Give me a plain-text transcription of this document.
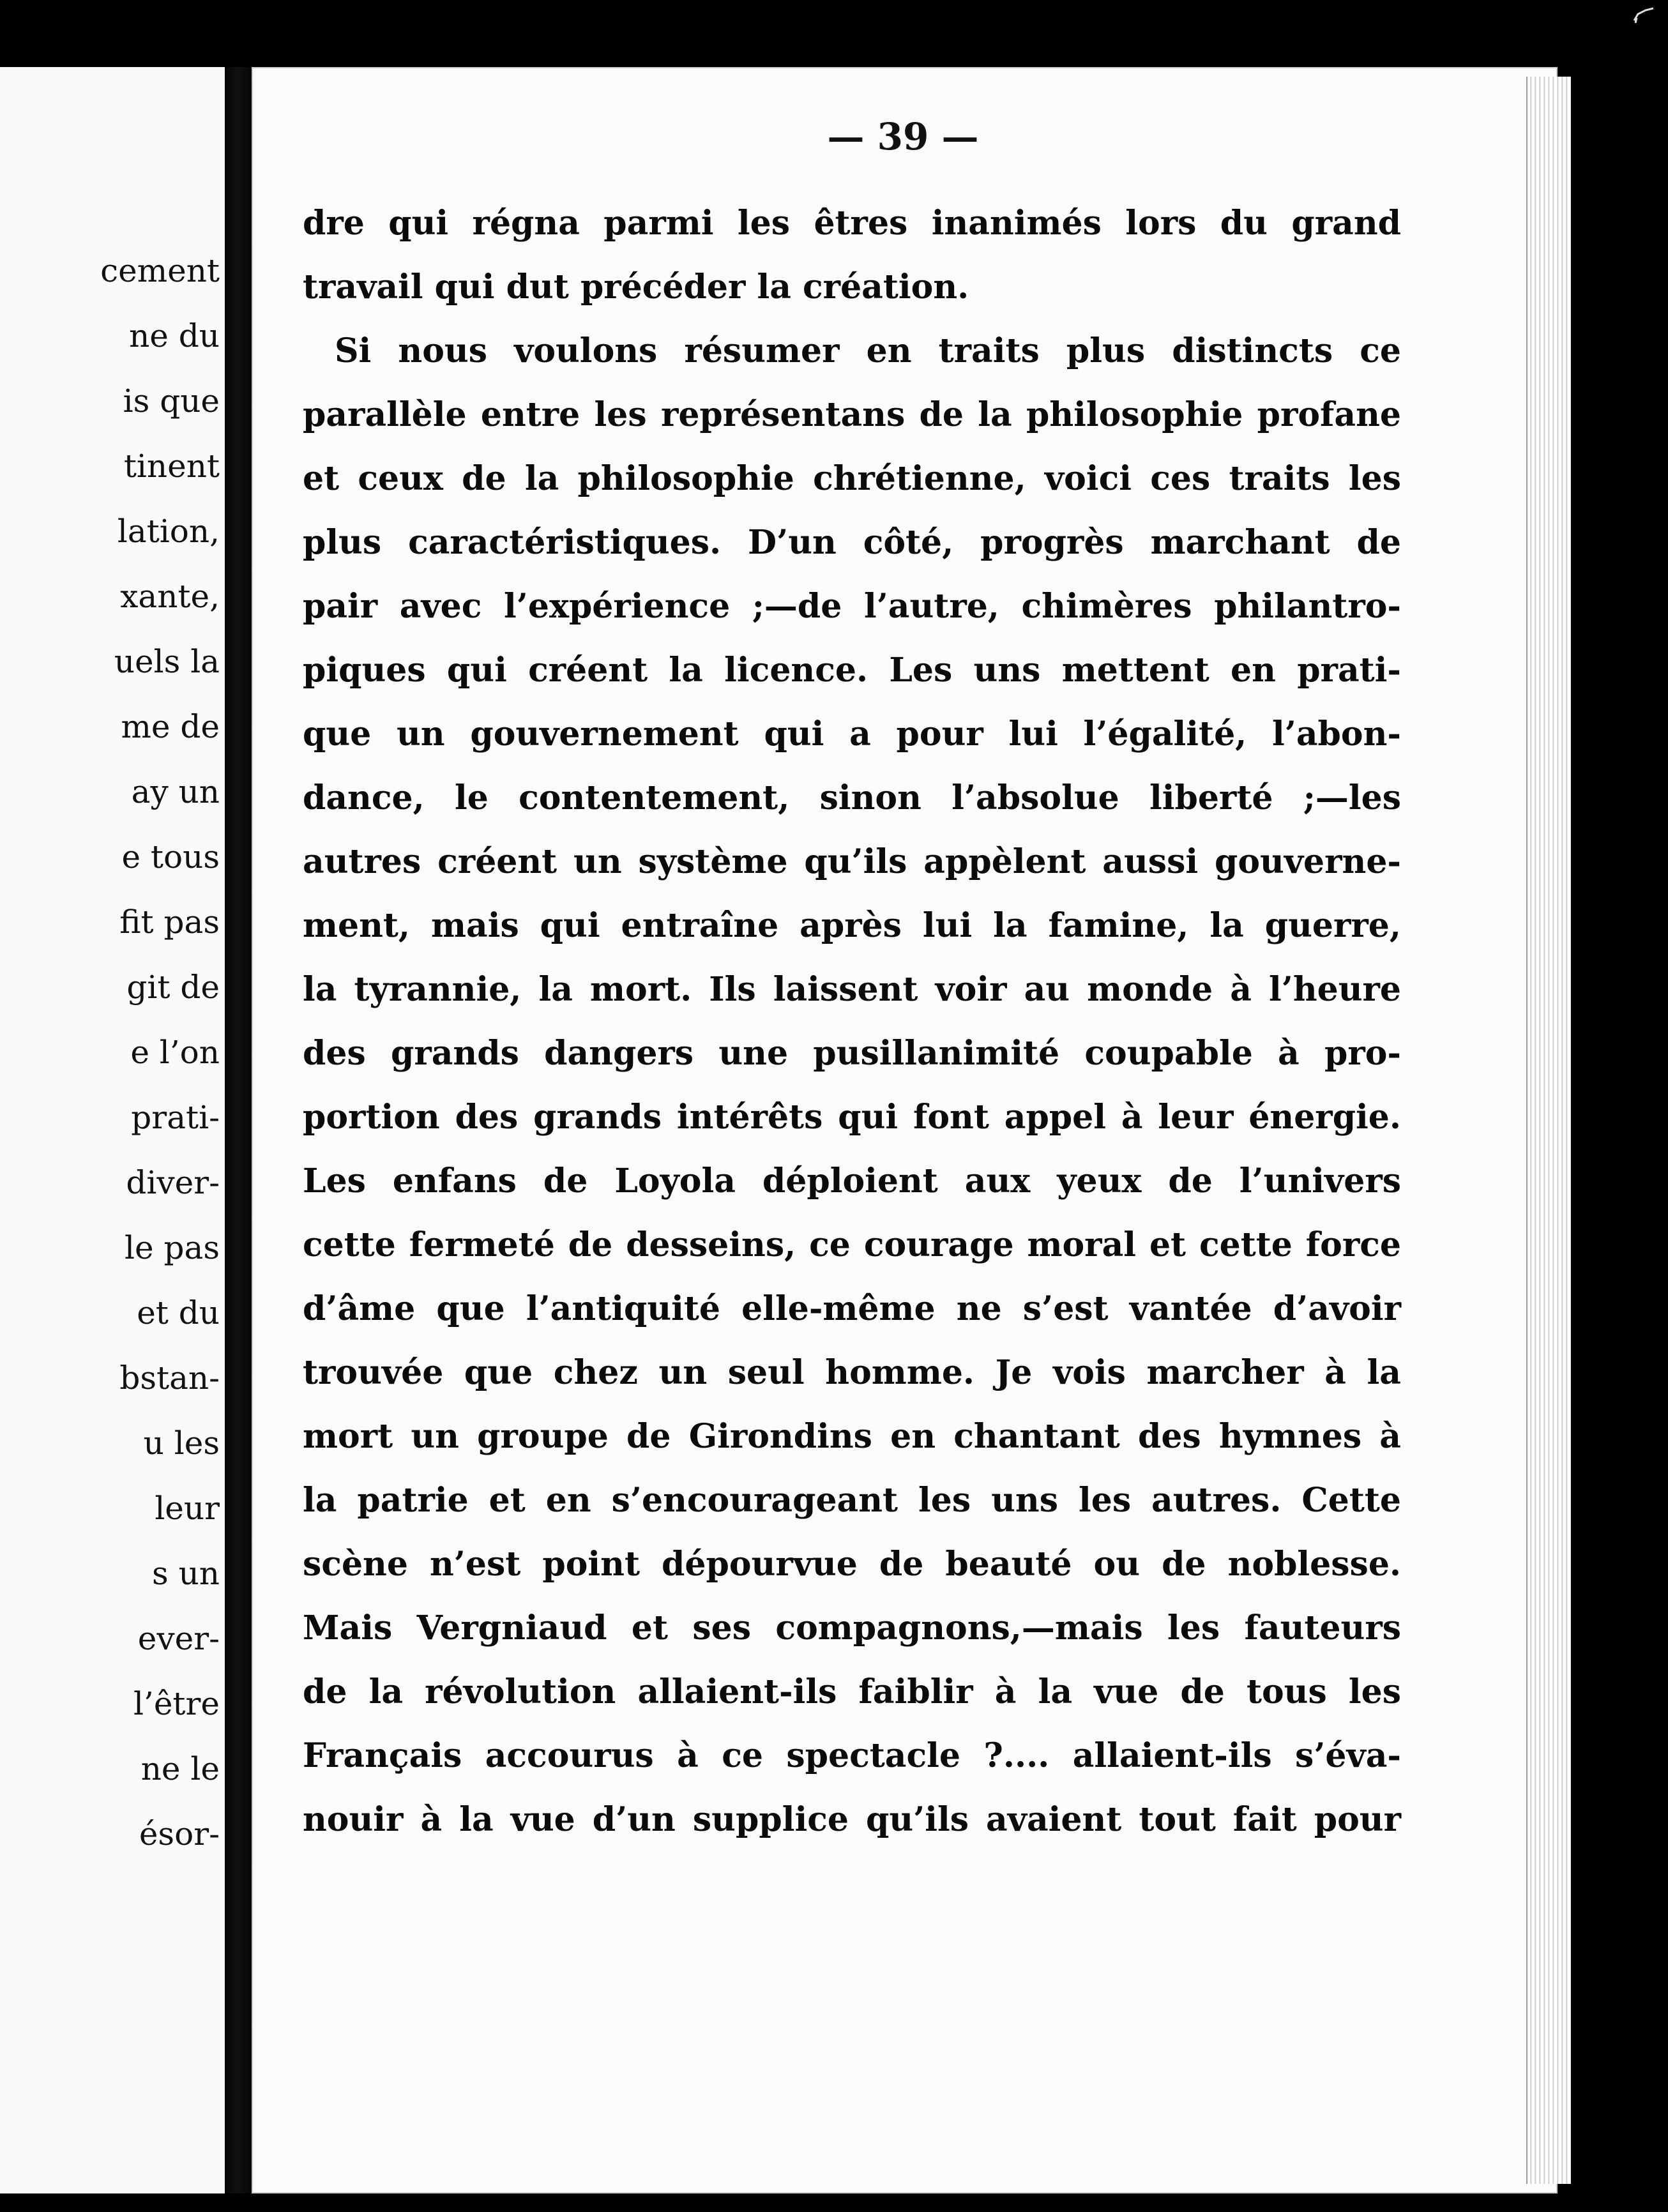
cement
ne du
is que
tinent
lation,
xante,
uels la
me de
ay un
e tous
fit pas
git de
e l’on
prati-
diver-
le pas
et du
bstan-
u les
leur
s un
ever-
l’être
ne le
ésor-
— 39 —
dre qui régna parmi les êtres inanimés lors du grand
travail qui dut précéder la création.
Si nous voulons résumer en traits plus distincts ce
parallèle entre les représentans de la philosophie profane
et ceux de la philosophie chrétienne, voici ces traits les
plus caractéristiques. D’un côté, progrès marchant de
pair avec l’expérience ;—de l’autre, chimères philantro-
piques qui créent la licence. Les uns mettent en prati-
que un gouvernement qui a pour lui l’égalité, l’abon-
dance, le contentement, sinon l’absolue liberté ;—les
autres créent un système qu’ils appèlent aussi gouverne-
ment, mais qui entraîne après lui la famine, la guerre,
la tyrannie, la mort. Ils laissent voir au monde à l’heure
des grands dangers une pusillanimité coupable à pro-
portion des grands intérêts qui font appel à leur énergie.
Les enfans de Loyola déploient aux yeux de l’univers
cette fermeté de desseins, ce courage moral et cette force
d’âme que l’antiquité elle-même ne s’est vantée d’avoir
trouvée que chez un seul homme. Je vois marcher à la
mort un groupe de Girondins en chantant des hymnes à
la patrie et en s’encourageant les uns les autres. Cette
scène n’est point dépourvue de beauté ou de noblesse.
Mais Vergniaud et ses compagnons,—mais les fauteurs
de la révolution allaient-ils faiblir à la vue de tous les
Français accourus à ce spectacle ?.... allaient-ils s’éva-
nouir à la vue d’un supplice qu’ils avaient tout fait pour
